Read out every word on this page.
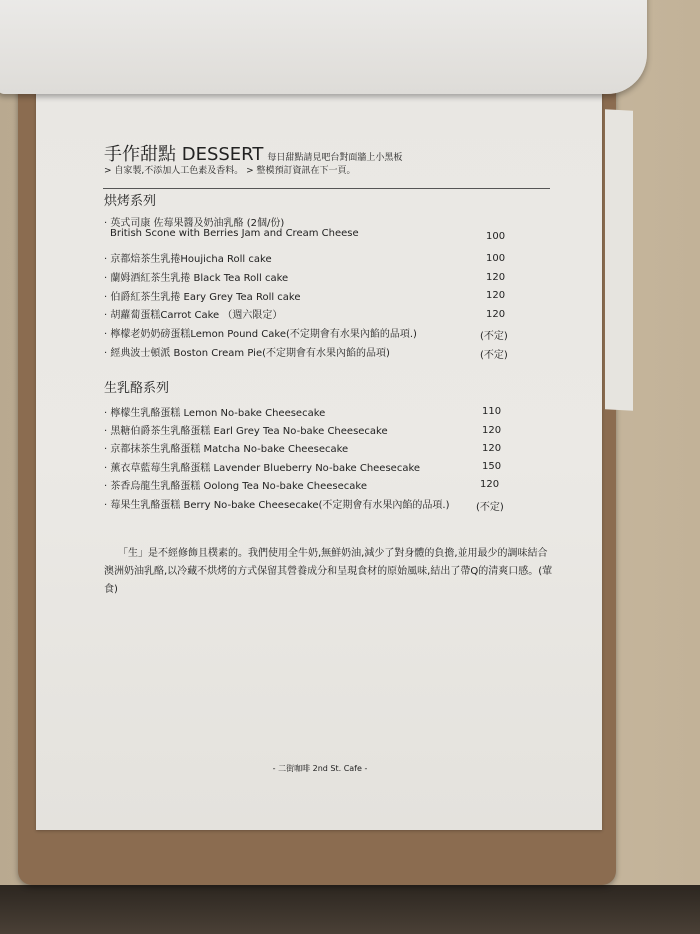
手作甜點 DESSERT 每日甜點請見吧台對面牆上小黑板
> 自家製,不添加人工色素及香料。 > 整模預訂資訊在下一頁。
烘烤系列
· 英式司康 佐莓果醬及奶油乳酪 (2個/份)
British Scone with Berries Jam and Cream Cheese	100
· 京都焙茶生乳捲Houjicha Roll cake	100
· 蘭姆酒紅茶生乳捲 Black Tea Roll cake	120
· 伯爵紅茶生乳捲 Eary Grey Tea Roll cake	120
· 胡蘿蔔蛋糕Carrot Cake （週六限定）	120
· 檸檬老奶奶磅蛋糕Lemon Pound Cake(不定期會有水果內餡的品項.)	(不定)
· 經典波士頓派 Boston Cream Pie(不定期會有水果內餡的品項)	(不定)
生乳酪系列
· 檸檬生乳酪蛋糕 Lemon No-bake Cheesecake	110
· 黑糖伯爵茶生乳酪蛋糕 Earl Grey Tea No-bake Cheesecake	120
· 京都抹茶生乳酪蛋糕 Matcha No-bake Cheesecake	120
· 薰衣草藍莓生乳酪蛋糕 Lavender Blueberry No-bake Cheesecake	150
· 茶香烏龍生乳酪蛋糕 Oolong Tea No-bake Cheesecake	120
· 莓果生乳酪蛋糕 Berry No-bake Cheesecake(不定期會有水果內餡的品項.)	(不定)
「生」是不經修飾且樸素的。我們使用全牛奶,無鮮奶油,減少了對身體的負擔,並用最少的調味結合澳洲奶油乳酪,以冷藏不烘烤的方式保留其營養成分和呈現食材的原始風味,結出了帶Q的清爽口感。(葷食)
- 二街咖啡 2nd St. Cafe -
